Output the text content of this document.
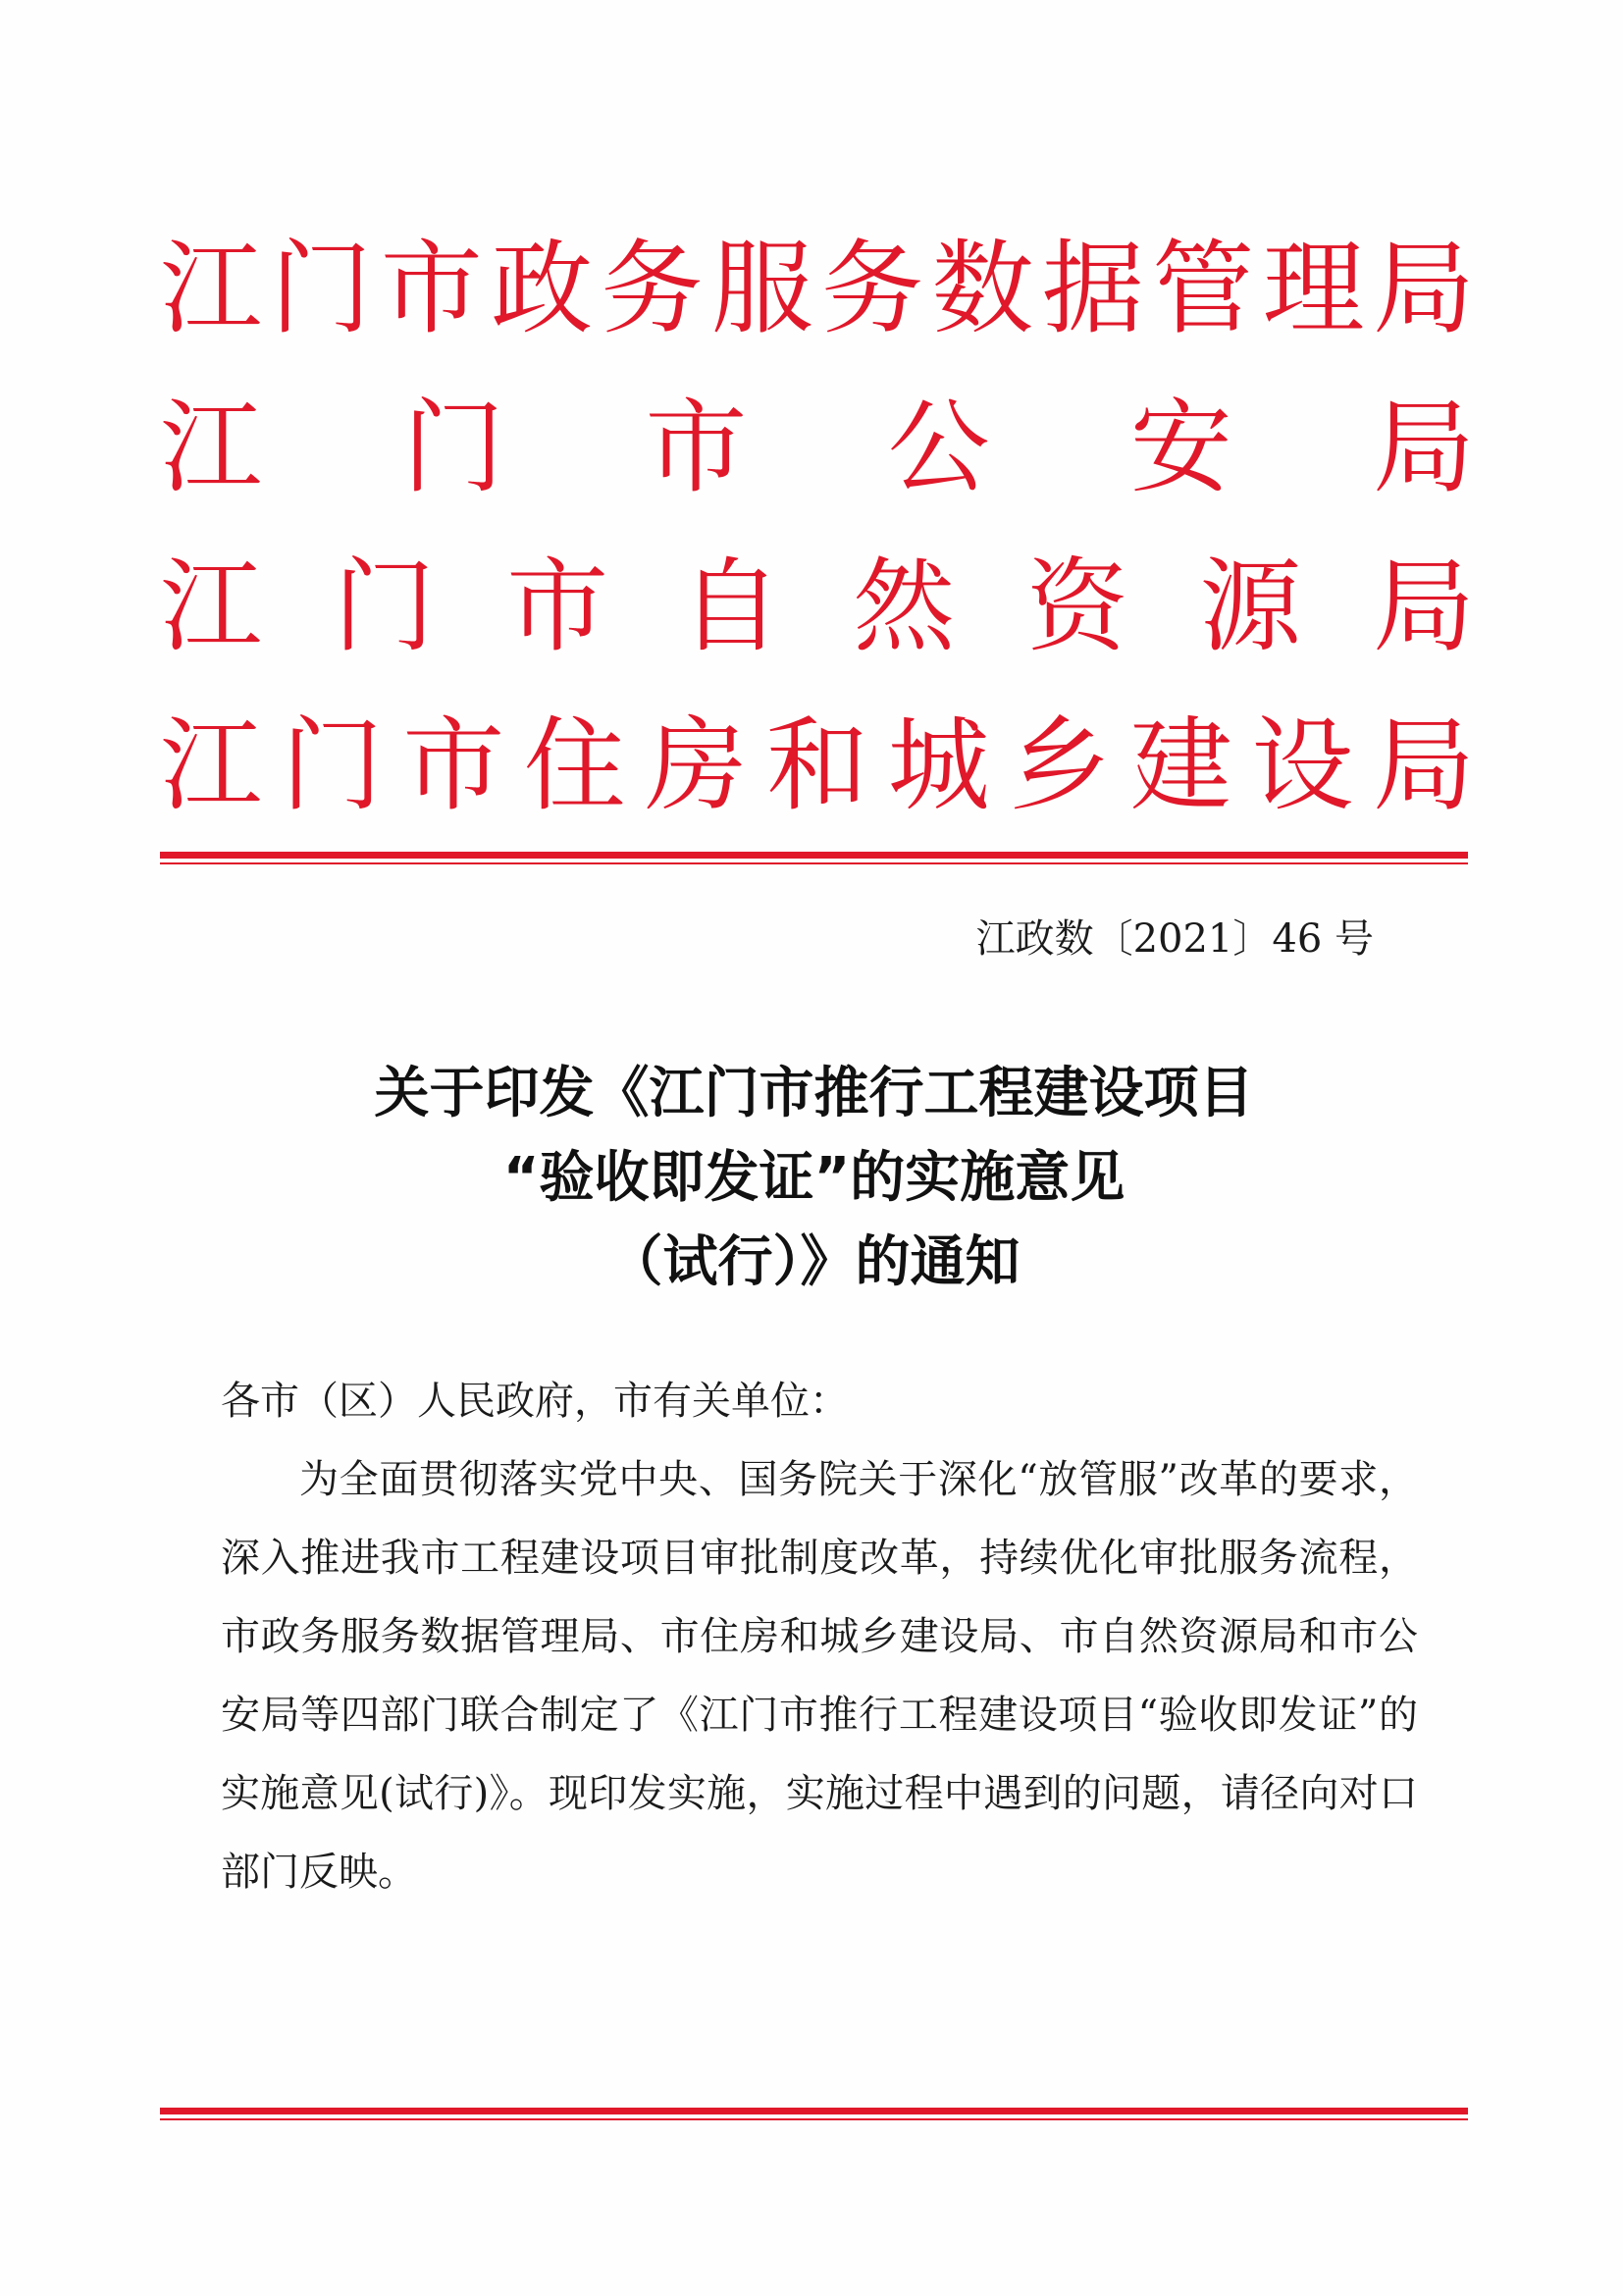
江 门 市 政 务 服 务 数 据 管 理 局
江 门 市 公 安 局
江 门 市 自 然 资 源 局
江 门 市 住 房 和 城 乡 建 设 局
江政数〔2021〕46 号
关于印发《江门市推行工程建设项目
“验收即发证”的实施意见
（试行）》的通知
各市（区）人民政府，市有关单位：
为全面贯彻落实党中央、国务院关于深化“放管服”改革的要求，深入推进我市工程建设项目审批制度改革，持续优化审批服务流程，市政务服务数据管理局、市住房和城乡建设局、市自然资源局和市公安局等四部门联合制定了《江门市推行工程建设项目“验收即发证”的实施意见(试行)》。现印发实施，实施过程中遇到的问题，请径向对口部门反映。
